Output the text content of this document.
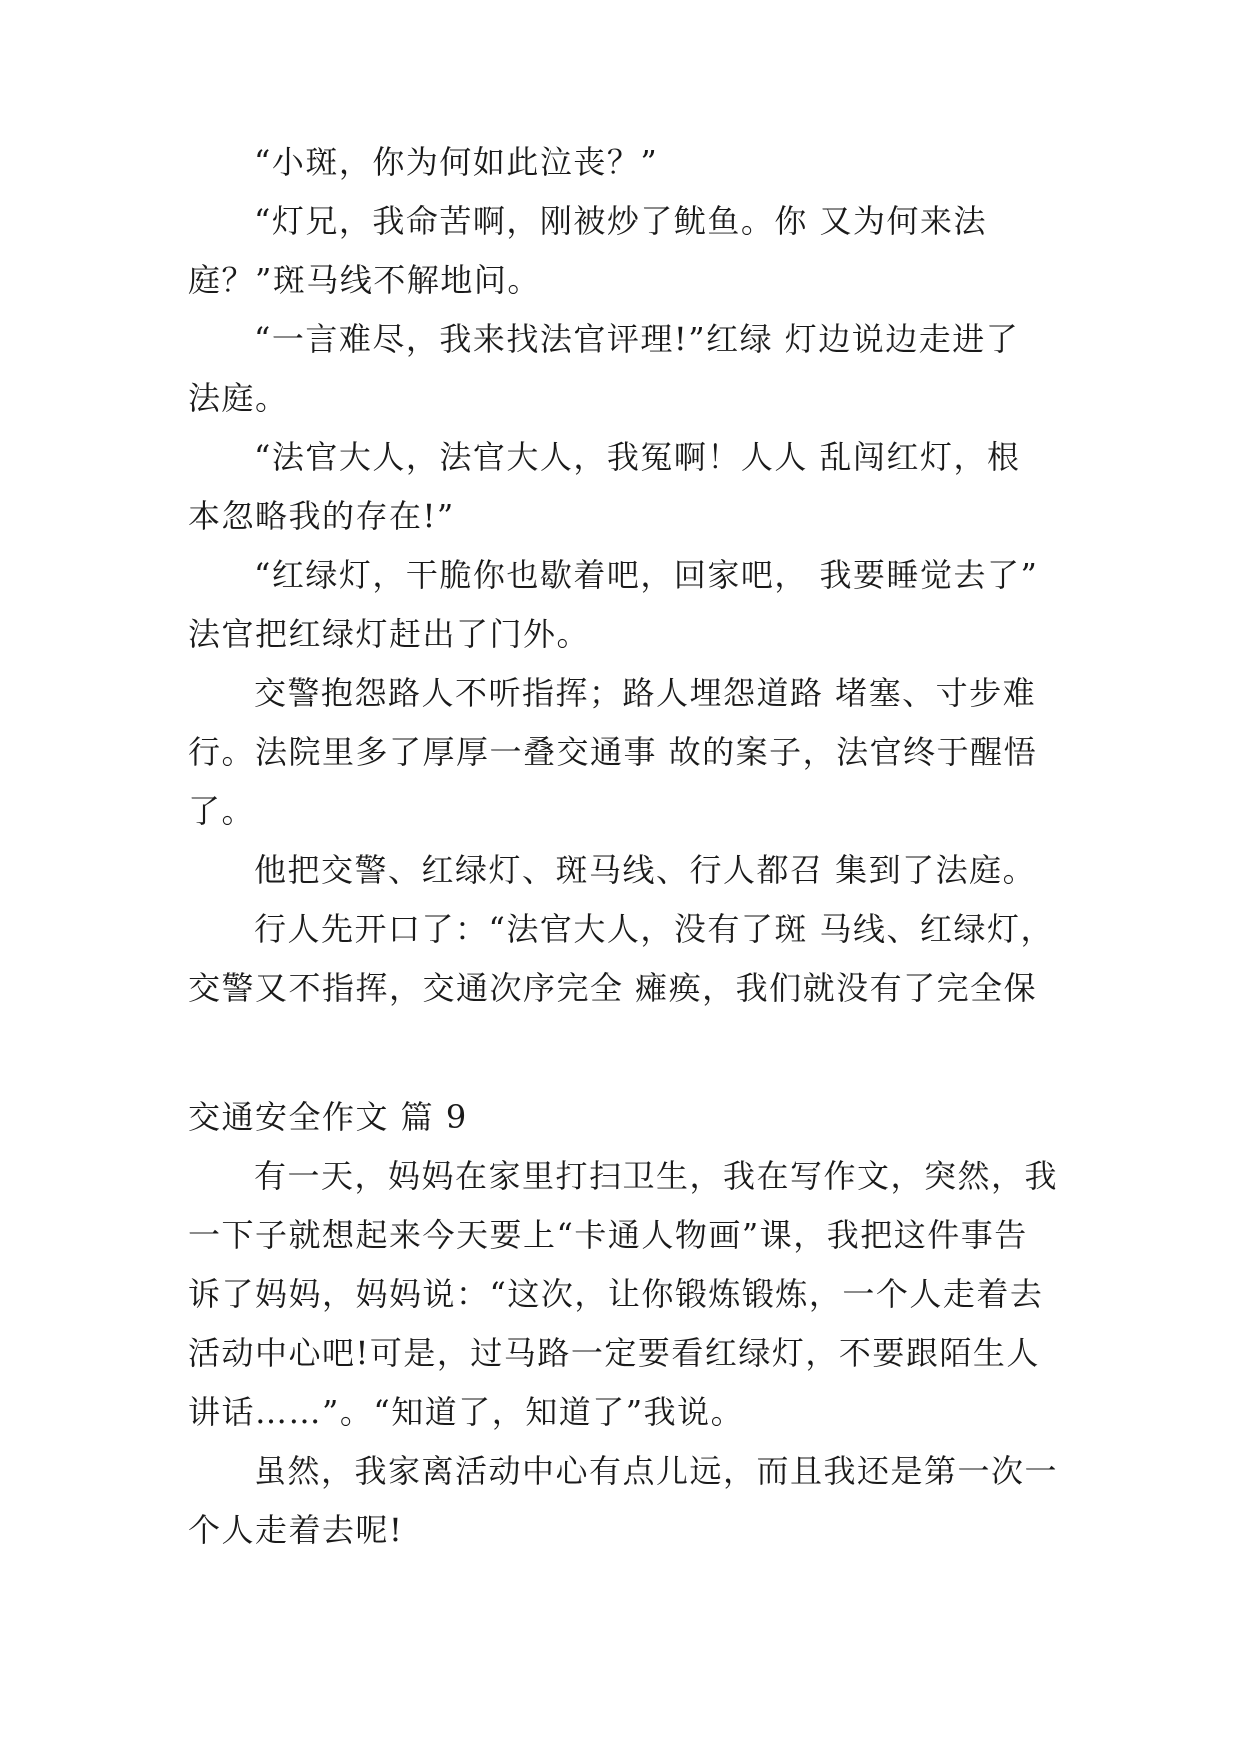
“小斑，你为何如此泣丧？”
“灯兄，我命苦啊，刚被炒了鱿鱼。你 又为何来法
庭？”斑马线不解地问。
“一言难尽，我来找法官评理!”红绿 灯边说边走进了
法庭。
“法官大人，法官大人，我冤啊！人人 乱闯红灯，根
本忽略我的存在!”
“红绿灯，干脆你也歇着吧，回家吧， 我要睡觉去了”
法官把红绿灯赶出了门外。
交警抱怨路人不听指挥；路人埋怨道路 堵塞、寸步难
行。法院里多了厚厚一叠交通事 故的案子，法官终于醒悟
了。
他把交警、红绿灯、斑马线、行人都召 集到了法庭。
行人先开口了：“法官大人，没有了斑 马线、红绿灯，
交警又不指挥，交通次序完全 瘫痪，我们就没有了完全保
交通安全作文 篇 9
有一天，妈妈在家里打扫卫生，我在写作文，突然，我
一下子就想起来今天要上“卡通人物画”课，我把这件事告
诉了妈妈，妈妈说：“这次，让你锻炼锻炼，一个人走着去
活动中心吧!可是，过马路一定要看红绿灯，不要跟陌生人
讲话……”。“知道了，知道了”我说。
虽然，我家离活动中心有点儿远，而且我还是第一次一
个人走着去呢!
